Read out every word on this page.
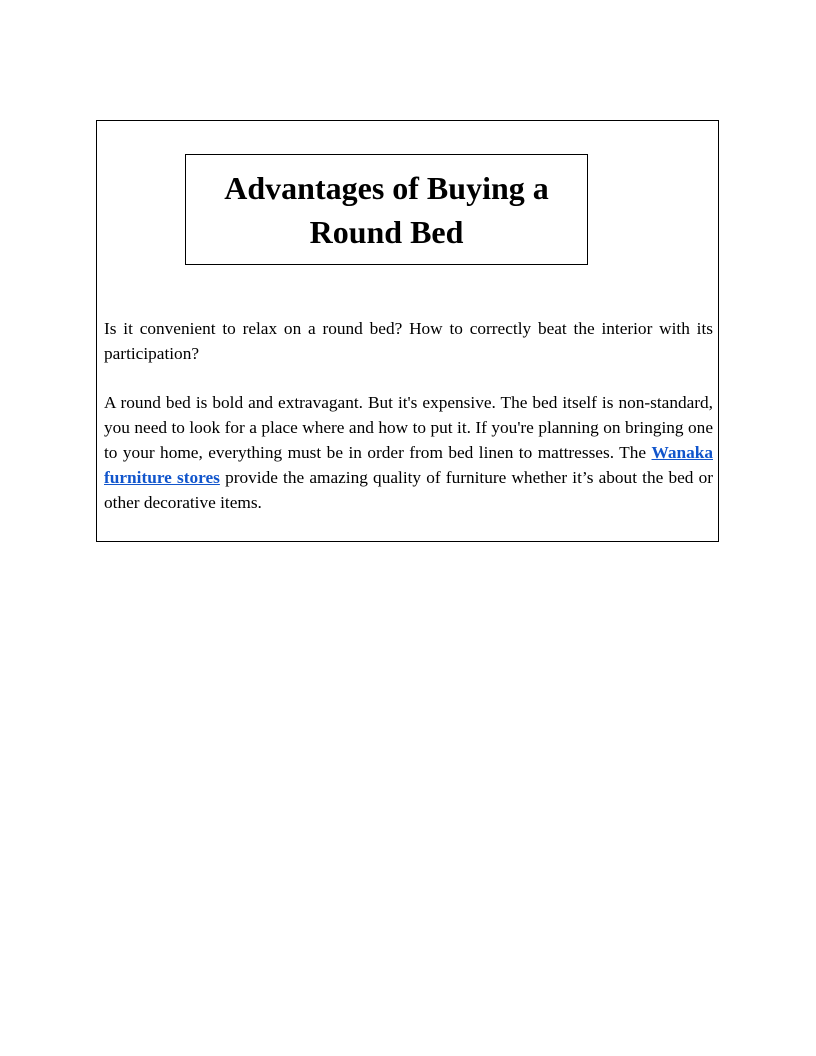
Advantages of Buying a Round Bed

Is it convenient to relax on a round bed? How to correctly beat the interior with its participation?

A round bed is bold and extravagant. But it's expensive. The bed itself is non-standard, you need to look for a place where and how to put it. If you're planning on bringing one to your home, everything must be in order from bed linen to mattresses. The Wanaka furniture stores provide the amazing quality of furniture whether it’s about the bed or other decorative items.
